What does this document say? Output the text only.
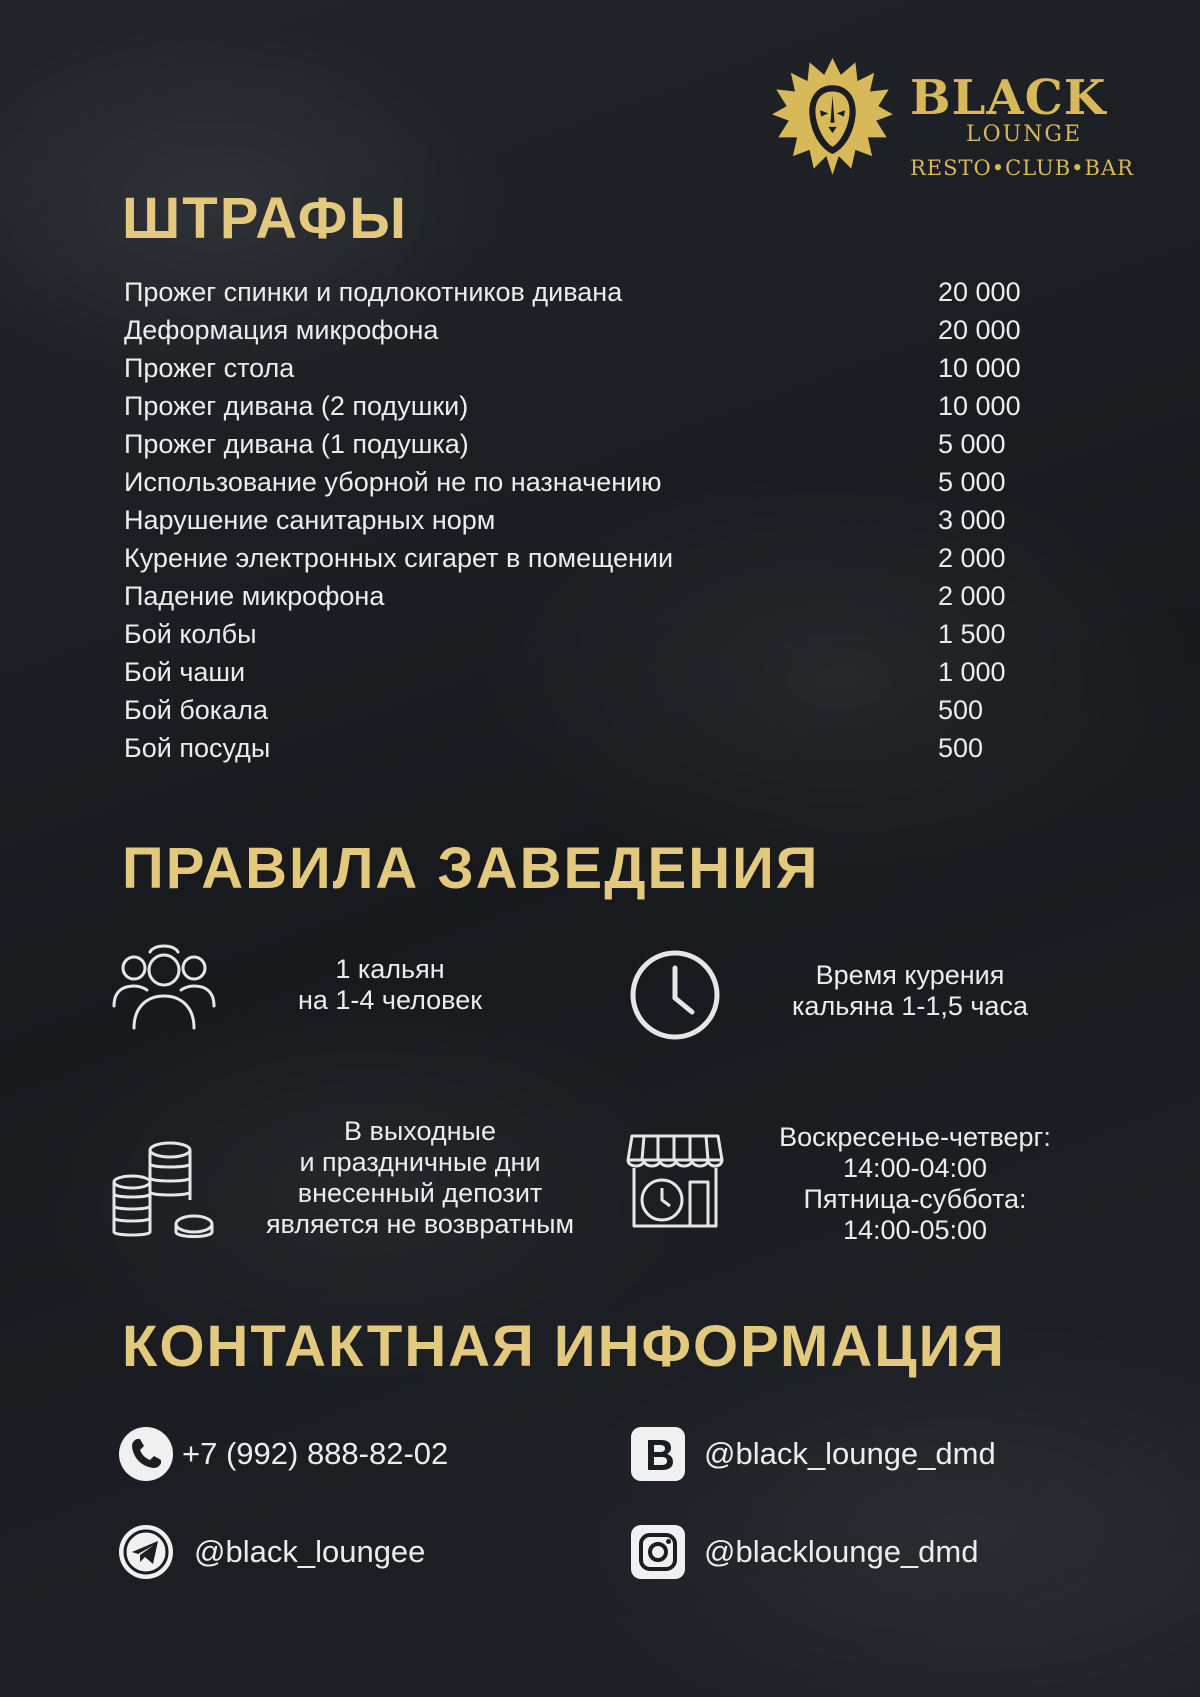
BLACK
LOUNGE
RESTO•CLUB•BAR
ШТРАФЫ
Прожег спинки и подлокотников дивана	20 000
Деформация микрофона	20 000
Прожег стола	10 000
Прожег дивана (2 подушки)	10 000
Прожег дивана (1 подушка)	5 000
Использование уборной не по назначению	5 000
Нарушение санитарных норм	3 000
Курение электронных сигарет в помещении	2 000
Падение микрофона	2 000
Бой колбы	1 500
Бой чаши	1 000
Бой бокала	500
Бой посуды	500
ПРАВИЛА ЗАВЕДЕНИЯ
1 кальян
на 1-4 человек
Время курения
кальяна 1-1,5 часа
В выходные
и праздничные дни
внесенный депозит
является не возвратным
Воскресенье-четверг:
14:00-04:00
Пятница-суббота:
14:00-05:00
КОНТАКТНАЯ ИНФОРМАЦИЯ
+7 (992) 888-82-02	@black_lounge_dmd
@black_loungee	@blacklounge_dmd
